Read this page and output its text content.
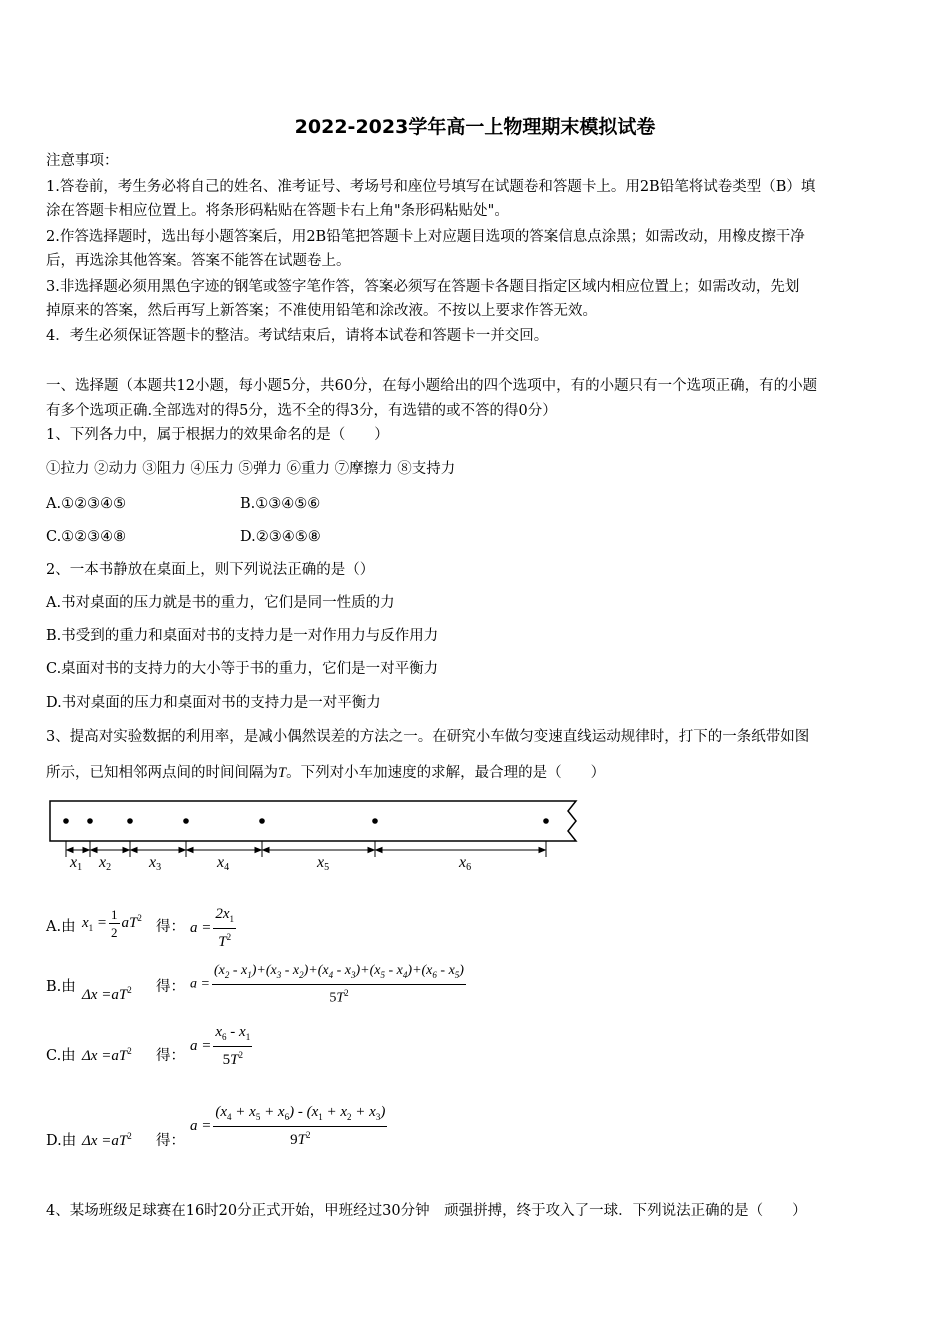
2022-2023学年高一上物理期末模拟试卷
注意事项：
1.答卷前，考生务必将自己的姓名、准考证号、考场号和座位号填写在试题卷和答题卡上。用2B铅笔将试卷类型（B）填
涂在答题卡相应位置上。将条形码粘贴在答题卡右上角"条形码粘贴处"。
2.作答选择题时，选出每小题答案后，用2B铅笔把答题卡上对应题目选项的答案信息点涂黑；如需改动，用橡皮擦干净
后，再选涂其他答案。答案不能答在试题卷上。
3.非选择题必须用黑色字迹的钢笔或签字笔作答，答案必须写在答题卡各题目指定区域内相应位置上；如需改动，先划
掉原来的答案，然后再写上新答案；不准使用铅笔和涂改液。不按以上要求作答无效。
4．考生必须保证答题卡的整洁。考试结束后，请将本试卷和答题卡一并交回。
一、选择题（本题共12小题，每小题5分，共60分，在每小题给出的四个选项中，有的小题只有一个选项正确，有的小题
有多个选项正确.全部选对的得5分，选不全的得3分，有选错的或不答的得0分）
1、下列各力中，属于根据力的效果命名的是（　　）
①拉力 ②动力 ③阻力 ④压力 ⑤弹力 ⑥重力 ⑦摩擦力 ⑧支持力
A.①②③④⑤	B.①③④⑤⑥
C.①②③④⑧	D.②③④⑤⑧
2、一本书静放在桌面上，则下列说法正确的是（）
A.书对桌面的压力就是书的重力，它们是同一性质的力
B.书受到的重力和桌面对书的支持力是一对作用力与反作用力
C.桌面对书的支持力的大小等于书的重力，它们是一对平衡力
D.书对桌面的压力和桌面对书的支持力是一对平衡力
3、提高对实验数据的利用率，是减小偶然误差的方法之一。在研究小车做匀变速直线运动规律时，打下的一条纸带如图
所示，已知相邻两点间的时间间隔为T。下列对小车加速度的求解，最合理的是（　　）
x1 x2 x3	x4	x5	x6
A.由 $x_1 = \frac{1}{2} aT^2$
得： $a = \frac{2x_1}{T^2}$
B.由 $\Delta x =aT^2$ 得： $a = \frac{(x_2 - x_1)+(x_3 - x_2)+(x_4 - x_3)+(x_5 - x_4)+(x_6 - x_5)}{5T^2}$
C.由 $\Delta x =aT^2$ 得：
$a = \frac{x_6 - x_1}{5T^2}$
D.由 $\Delta x =aT^2$ 得：
$a = \frac{(x_4 + x_5 + x_6) - (x_1 + x_2 + x_3)}{9T^2}$
4、某场班级足球赛在16时20分正式开始，甲班经过30分钟　顽强拼搏，终于攻入了一球．下列说法正确的是（　　）
